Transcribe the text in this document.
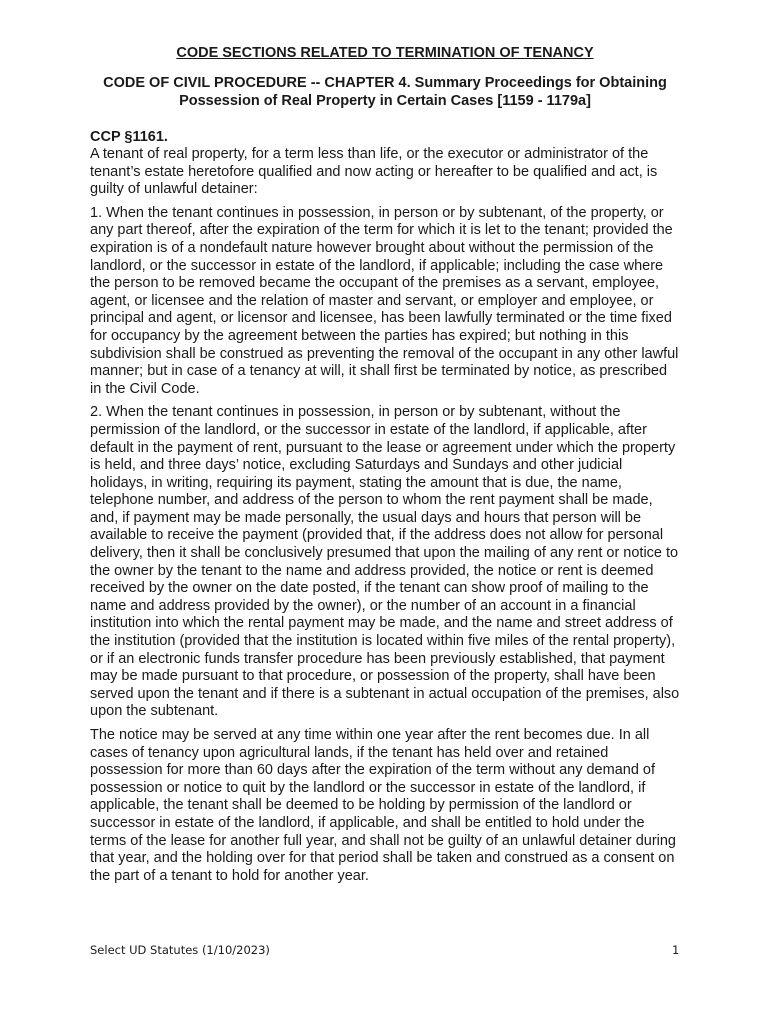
CODE SECTIONS RELATED TO TERMINATION OF TENANCY
CODE OF CIVIL PROCEDURE -- CHAPTER 4. Summary Proceedings for Obtaining Possession of Real Property in Certain Cases [1159 - 1179a]
CCP §1161.

A tenant of real property, for a term less than life, or the executor or administrator of the tenant’s estate heretofore qualified and now acting or hereafter to be qualified and act, is guilty of unlawful detainer:

1. When the tenant continues in possession, in person or by subtenant, of the property, or any part thereof, after the expiration of the term for which it is let to the tenant; provided the expiration is of a nondefault nature however brought about without the permission of the landlord, or the successor in estate of the landlord, if applicable; including the case where the person to be removed became the occupant of the premises as a servant, employee, agent, or licensee and the relation of master and servant, or employer and employee, or principal and agent, or licensor and licensee, has been lawfully terminated or the time fixed for occupancy by the agreement between the parties has expired; but nothing in this subdivision shall be construed as preventing the removal of the occupant in any other lawful manner; but in case of a tenancy at will, it shall first be terminated by notice, as prescribed in the Civil Code.

2. When the tenant continues in possession, in person or by subtenant, without the permission of the landlord, or the successor in estate of the landlord, if applicable, after default in the payment of rent, pursuant to the lease or agreement under which the property is held, and three days’ notice, excluding Saturdays and Sundays and other judicial holidays, in writing, requiring its payment, stating the amount that is due, the name, telephone number, and address of the person to whom the rent payment shall be made, and, if payment may be made personally, the usual days and hours that person will be available to receive the payment (provided that, if the address does not allow for personal delivery, then it shall be conclusively presumed that upon the mailing of any rent or notice to the owner by the tenant to the name and address provided, the notice or rent is deemed received by the owner on the date posted, if the tenant can show proof of mailing to the name and address provided by the owner), or the number of an account in a financial institution into which the rental payment may be made, and the name and street address of the institution (provided that the institution is located within five miles of the rental property), or if an electronic funds transfer procedure has been previously established, that payment may be made pursuant to that procedure, or possession of the property, shall have been served upon the tenant and if there is a subtenant in actual occupation of the premises, also upon the subtenant.

The notice may be served at any time within one year after the rent becomes due. In all cases of tenancy upon agricultural lands, if the tenant has held over and retained possession for more than 60 days after the expiration of the term without any demand of possession or notice to quit by the landlord or the successor in estate of the landlord, if applicable, the tenant shall be deemed to be holding by permission of the landlord or successor in estate of the landlord, if applicable, and shall be entitled to hold under the terms of the lease for another full year, and shall not be guilty of an unlawful detainer during that year, and the holding over for that period shall be taken and construed as a consent on the part of a tenant to hold for another year.

Select UD Statutes (1/10/2023)	1
